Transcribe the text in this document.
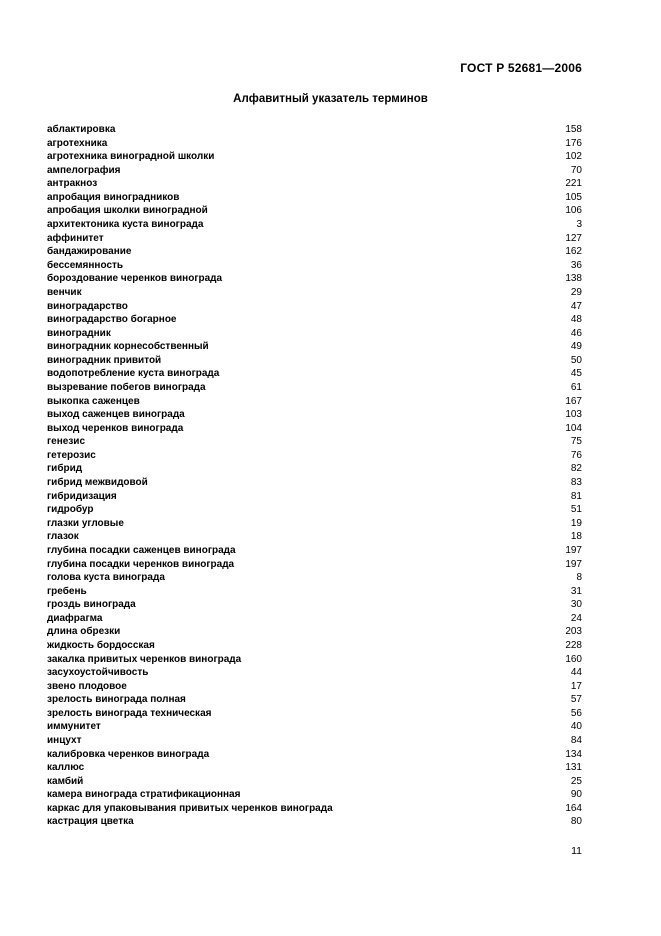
ГОСТ Р 52681—2006
Алфавитный указатель терминов
аблактировка	158
агротехника	176
агротехника виноградной школки	102
ампелография	70
антракноз	221
апробация виноградников	105
апробация школки виноградной	106
архитектоника куста винограда	3
аффинитет	127
бандажирование	162
бессемянность	36
бороздование черенков винограда	138
венчик	29
виноградарство	47
виноградарство богарное	48
виноградник	46
виноградник корнесобственный	49
виноградник привитой	50
водопотребление куста винограда	45
вызревание побегов винограда	61
выкопка саженцев	167
выход саженцев винограда	103
выход черенков винограда	104
генезис	75
гетерозис	76
гибрид	82
гибрид межвидовой	83
гибридизация	81
гидробур	51
глазки угловые	19
глазок	18
глубина посадки саженцев винограда	197
глубина посадки черенков винограда	197
голова куста винограда	8
гребень	31
гроздь винограда	30
диафрагма	24
длина обрезки	203
жидкость бордосская	228
закалка привитых черенков винограда	160
засухоустойчивость	44
звено плодовое	17
зрелость винограда полная	57
зрелость винограда техническая	56
иммунитет	40
инцухт	84
калибровка черенков винограда	134
каллюс	131
камбий	25
камера винограда стратификационная	90
каркас для упаковывания привитых черенков винограда	164
кастрация цветка	80
11
